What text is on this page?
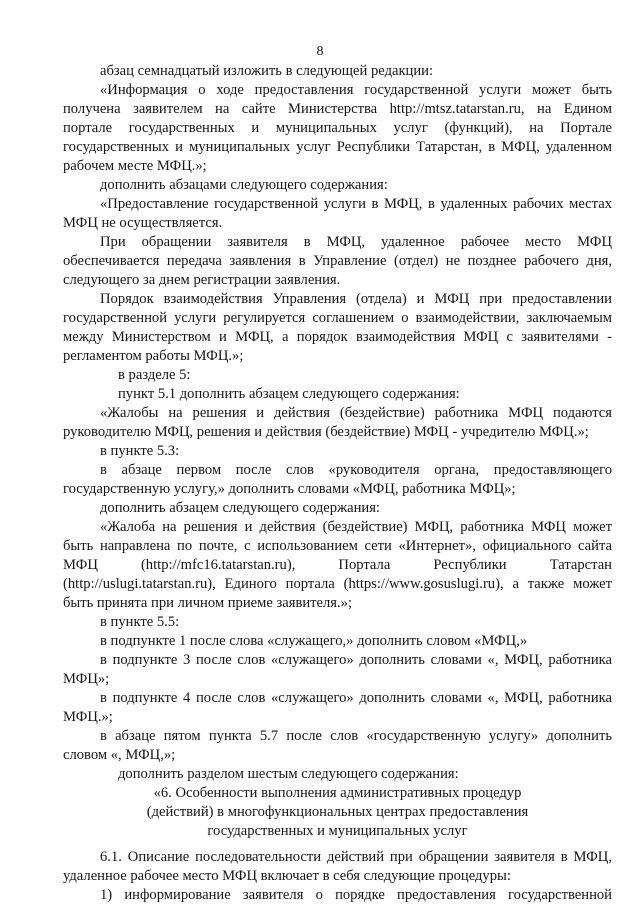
8
абзац семнадцатый изложить в следующей редакции:
«Информация о ходе предоставления государственной услуги может быть
получена заявителем на сайте Министерства http://mtsz.tatarstan.ru, на Едином
портале государственных и муниципальных услуг (функций), на Портале
государственных и муниципальных услуг Республики Татарстан, в МФЦ, удаленном
рабочем месте МФЦ.»;
дополнить абзацами следующего содержания:
«Предоставление государственной услуги в МФЦ, в удаленных рабочих местах
МФЦ не осуществляется.
При обращении заявителя в МФЦ, удаленное рабочее место МФЦ
обеспечивается передача заявления в Управление (отдел) не позднее рабочего дня,
следующего за днем регистрации заявления.
Порядок взаимодействия Управления (отдела) и МФЦ при предоставлении
государственной услуги регулируется соглашением о взаимодействии, заключаемым
между Министерством и МФЦ, а порядок взаимодействия МФЦ с заявителями -
регламентом работы МФЦ.»;
в разделе 5:
пункт 5.1 дополнить абзацем следующего содержания:
«Жалобы на решения и действия (бездействие) работника МФЦ подаются
руководителю МФЦ, решения и действия (бездействие) МФЦ - учредителю МФЦ.»;
в пункте 5.3:
в абзаце первом после слов «руководителя органа, предоставляющего
государственную услугу,» дополнить словами «МФЦ, работника МФЦ»;
дополнить абзацем следующего содержания:
«Жалоба на решения и действия (бездействие) МФЦ, работника МФЦ может
быть направлена по почте, с использованием сети «Интернет», официального сайта
МФЦ (http://mfc16.tatarstan.ru), Портала Республики Татарстан
(http://uslugi.tatarstan.ru), Единого портала (https://www.gosuslugi.ru), а также может
быть принята при личном приеме заявителя.»;
в пункте 5.5:
в подпункте 1 после слова «служащего,» дополнить словом «МФЦ,»
в подпункте 3 после слов «служащего» дополнить словами «, МФЦ, работника
МФЦ»;
в подпункте 4 после слов «служащего» дополнить словами «, МФЦ, работника
МФЦ.»;
в абзаце пятом пункта 5.7 после слов «государственную услугу» дополнить
словом «, МФЦ,»;
дополнить разделом шестым следующего содержания:
«6. Особенности выполнения административных процедур
(действий) в многофункциональных центрах предоставления
государственных и муниципальных услуг
6.1. Описание последовательности действий при обращении заявителя в МФЦ,
удаленное рабочее место МФЦ включает в себя следующие процедуры:
1) информирование заявителя о порядке предоставления государственной
